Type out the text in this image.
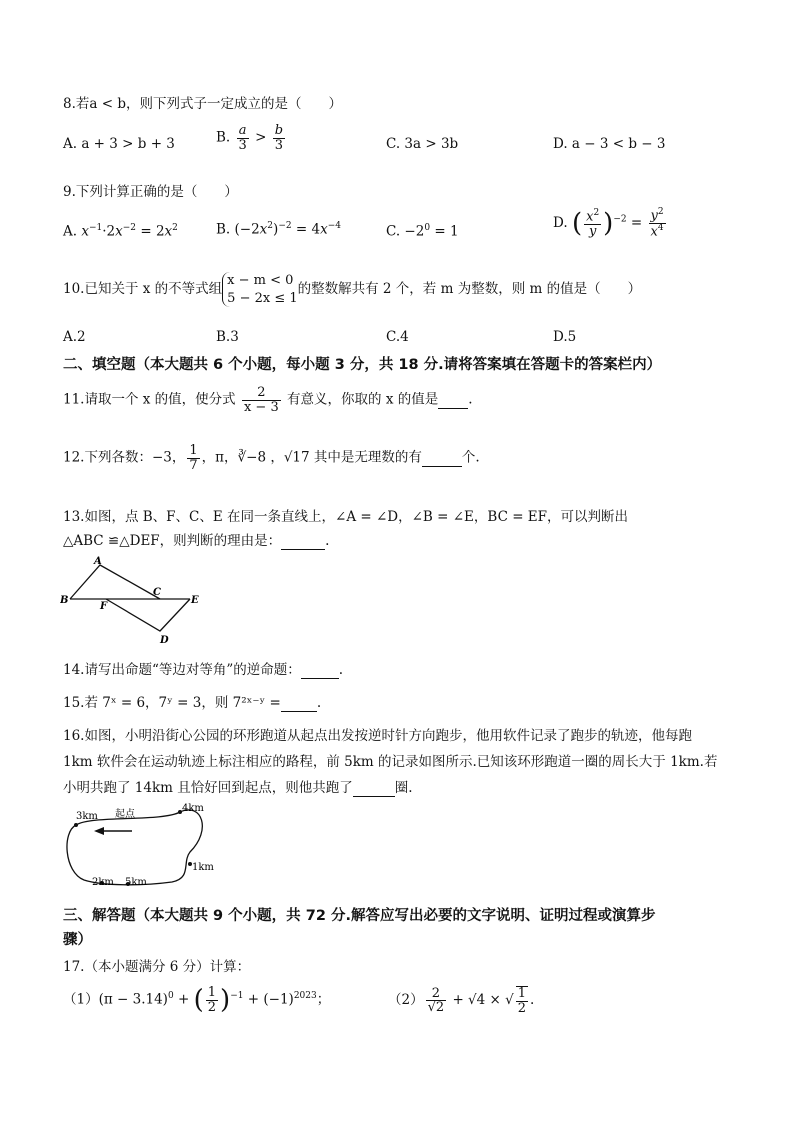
8.若a < b，则下列式子一定成立的是（　　）
A. a + 3 > b + 3	B. $\frac{a}{3} > \frac{b}{3}$	C. 3a > 3b	D. a − 3 < b − 3
9.下列计算正确的是（　　）
A. $x^{-1}\cdot 2x^{-2} = 2x^2$	B. $(-2x^2)^{-2} = 4x^{-4}$	C. $-2^0 = 1$
D. ( $\frac{x^2}{y} )^{-2} = \frac{y^2}{x^4}$
10.已知关于 x 的不等式组
x − m < 0
5 − 2x ≤ 1
的整数解共有 2 个，若 m 为整数，则 m 的值是（　　）
A.2	B.3	C.4	D.5
二、填空题（本大题共 6 个小题，每小题 3 分，共 18 分.请将答案填在答题卡的答案栏内）
11.请取一个 x 的值，使分式 $\frac{2}{x - 3}$ 有意义，你取的 x 的值是 .
12.下列各数：−3， $\frac{1}{7}$ ，π，∛−8 ，√17 其中是无理数的有	个.
13.如图，点 B、F、C、E 在同一条直线上，∠A = ∠D，∠B = ∠E，BC = EF，可以判断出
△ABC ≌△DEF，则判断的理由是：	.
A
B
C
D
E
F
14.请写出命题“等边对等角”的逆命题：	.
15.若 7ˣ = 6，7ʸ = 3，则 7²ˣ⁻ʸ =	.
16.如图，小明沿街心公园的环形跑道从起点出发按逆时针方向跑步，他用软件记录了跑步的轨迹，他每跑
1km 软件会在运动轨迹上标注相应的路程，前 5km 的记录如图所示.已知该环形跑道一圈的周长大于 1km.若
小明共跑了 14km 且恰好回到起点，则他共跑了	圈.
起点
3km
4km
1km
2km 5km
三、解答题（本大题共 9 个小题，共 72 分.解答应写出必要的文字说明、证明过程或演算步
骤）
17.（本小题满分 6 分）计算：
$(1)(\pi - 3.14)^0$ + ( $\frac{1}{2} )^{-1} + (-1)^{2023}$；	$(2) \frac{2}{√2} + √4$ × √ $\frac{1}{2}$ .
